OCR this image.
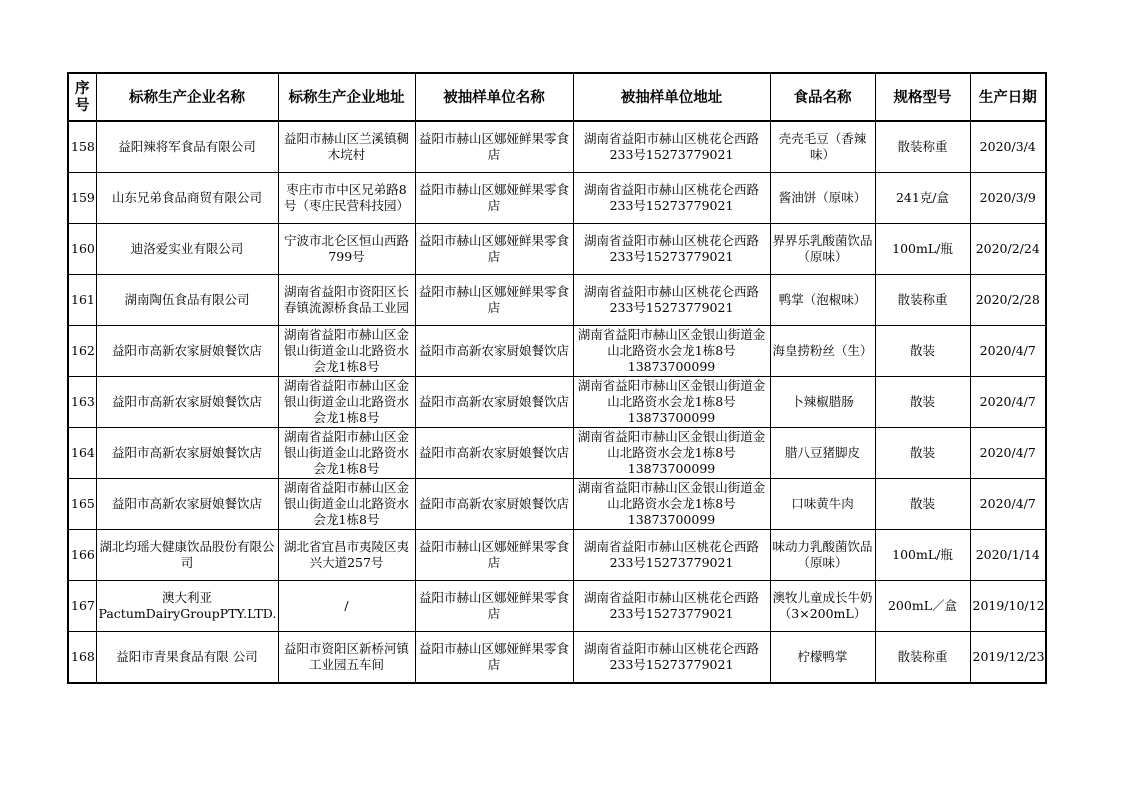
序号	标称生产企业名称	标称生产企业地址	被抽样单位名称	被抽样单位地址	食品名称	规格型号	生产日期
158	益阳辣将军食品有限公司	益阳市赫山区兰溪镇稠木垸村	益阳市赫山区娜娅鲜果零食店	湖南省益阳市赫山区桃花仑西路233号15273779021	壳壳毛豆（香辣味）	散装称重	2020/3/4
159	山东兄弟食品商贸有限公司	枣庄市市中区兄弟路8号（枣庄民营科技园）	益阳市赫山区娜娅鲜果零食店	湖南省益阳市赫山区桃花仑西路233号15273779021	酱油饼（原味）	241克/盒	2020/3/9
160	迪洛爱实业有限公司	宁波市北仑区恒山西路799号	益阳市赫山区娜娅鲜果零食店	湖南省益阳市赫山区桃花仑西路233号15273779021	界界乐乳酸菌饮品（原味）	100mL/瓶	2020/2/24
161	湖南陶伍食品有限公司	湖南省益阳市资阳区长春镇流源桥食品工业园	益阳市赫山区娜娅鲜果零食店	湖南省益阳市赫山区桃花仑西路233号15273779021	鸭掌（泡椒味）	散装称重	2020/2/28
162	益阳市高新农家厨娘餐饮店	湖南省益阳市赫山区金银山街道金山北路资水会龙1栋8号	益阳市高新农家厨娘餐饮店	湖南省益阳市赫山区金银山街道金山北路资水会龙1栋8号13873700099	海皇捞粉丝（生）	散装	2020/4/7
163	益阳市高新农家厨娘餐饮店	湖南省益阳市赫山区金银山街道金山北路资水会龙1栋8号	益阳市高新农家厨娘餐饮店	湖南省益阳市赫山区金银山街道金山北路资水会龙1栋8号13873700099	卜辣椒腊肠	散装	2020/4/7
164	益阳市高新农家厨娘餐饮店	湖南省益阳市赫山区金银山街道金山北路资水会龙1栋8号	益阳市高新农家厨娘餐饮店	湖南省益阳市赫山区金银山街道金山北路资水会龙1栋8号13873700099	腊八豆猪脚皮	散装	2020/4/7
165	益阳市高新农家厨娘餐饮店	湖南省益阳市赫山区金银山街道金山北路资水会龙1栋8号	益阳市高新农家厨娘餐饮店	湖南省益阳市赫山区金银山街道金山北路资水会龙1栋8号13873700099	口味黄牛肉	散装	2020/4/7
166	湖北均瑶大健康饮品股份有限公司	湖北省宜昌市夷陵区夷兴大道257号	益阳市赫山区娜娅鲜果零食店	湖南省益阳市赫山区桃花仑西路233号15273779021	味动力乳酸菌饮品（原味）	100mL/瓶	2020/1/14
167	澳大利亚PactumDairyGroupPTY.LTD.	/	益阳市赫山区娜娅鲜果零食店	湖南省益阳市赫山区桃花仑西路233号15273779021	澳牧儿童成长牛奶（3×200mL）	200mL／盒	2019/10/12
168	益阳市青果食品有限 公司	益阳市资阳区新桥河镇工业园五车间	益阳市赫山区娜娅鲜果零食店	湖南省益阳市赫山区桃花仑西路233号15273779021	柠檬鸭掌	散装称重	2019/12/23
